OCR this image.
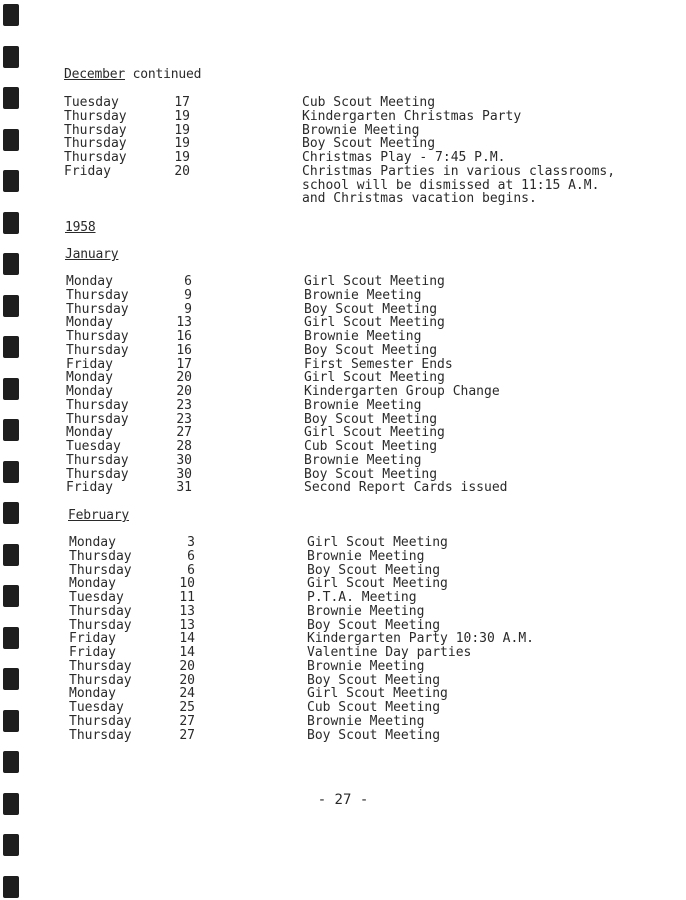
December continued
1958
January
February
- 27 -
Tuesday	17	Cub Scout Meeting
Thursday	19	Kindergarten Christmas Party
Thursday	19	Brownie Meeting
Thursday	19	Boy Scout Meeting
Thursday	19	Christmas Play - 7:45 P.M.
Friday	20	Christmas Parties in various classrooms,
school will be dismissed at 11:15 A.M.
and Christmas vacation begins.
Monday	6	Girl Scout Meeting
Thursday	9	Brownie Meeting
Thursday	9	Boy Scout Meeting
Monday	13	Girl Scout Meeting
Thursday	16	Brownie Meeting
Thursday	16	Boy Scout Meeting
Friday	17	First Semester Ends
Monday	20	Girl Scout Meeting
Monday	20	Kindergarten Group Change
Thursday	23	Brownie Meeting
Thursday	23	Boy Scout Meeting
Monday	27	Girl Scout Meeting
Tuesday	28	Cub Scout Meeting
Thursday	30	Brownie Meeting
Thursday	30	Boy Scout Meeting
Friday	31	Second Report Cards issued
Monday	3	Girl Scout Meeting
Thursday	6	Brownie Meeting
Thursday	6	Boy Scout Meeting
Monday	10	Girl Scout Meeting
Tuesday	11	P.T.A. Meeting
Thursday	13	Brownie Meeting
Thursday	13	Boy Scout Meeting
Friday	14	Kindergarten Party 10:30 A.M.
Friday	14	Valentine Day parties
Thursday	20	Brownie Meeting
Thursday	20	Boy Scout Meeting
Monday	24	Girl Scout Meeting
Tuesday	25	Cub Scout Meeting
Thursday	27	Brownie Meeting
Thursday	27	Boy Scout Meeting
